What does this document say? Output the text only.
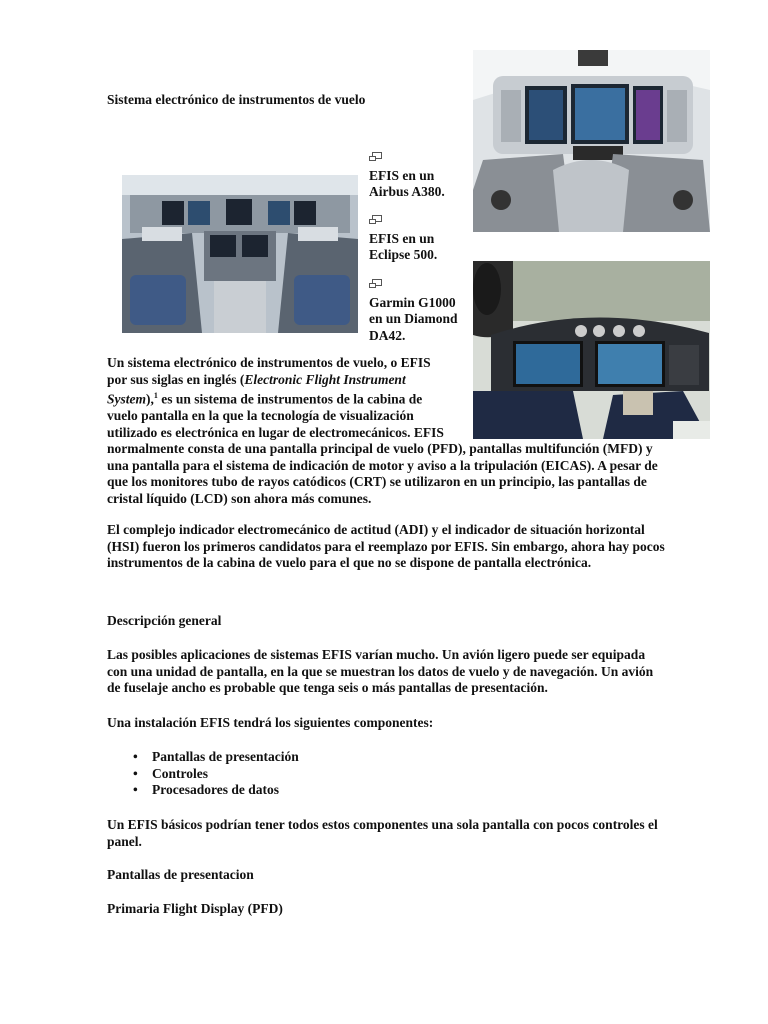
Sistema electrónico de instrumentos de vuelo

EFIS en un Airbus A380.
EFIS en un Eclipse 500.
Garmin G1000 en un Diamond DA42.
Un sistema electrónico de instrumentos de vuelo, o EFIS por sus siglas en inglés (Electronic Flight Instrument System),$^1$ es un sistema de instrumentos de la cabina de vuelo pantalla en la que la tecnología de visualización utilizado es electrónica en lugar de electromecánicos. EFIS
normalmente consta de una pantalla principal de vuelo (PFD), pantallas multifunción (MFD) y una pantalla para el sistema de indicación de motor y aviso a la tripulación (EICAS). A pesar de que los monitores tubo de rayos catódicos (CRT) se utilizaron en un principio, las pantallas de cristal líquido (LCD) son ahora más comunes.

El complejo indicador electromecánico de actitud (ADI) y el indicador de situación horizontal (HSI) fueron los primeros candidatos para el reemplazo por EFIS. Sin embargo, ahora hay pocos instrumentos de la cabina de vuelo para el que no se dispone de pantalla electrónica.

Descripción general

Las posibles aplicaciones de sistemas EFIS varían mucho. Un avión ligero puede ser equipada con una unidad de pantalla, en la que se muestran los datos de vuelo y de navegación. Un avión de fuselaje ancho es probable que tenga seis o más pantallas de presentación.

Una instalación EFIS tendrá los siguientes componentes:

• Pantallas de presentación
• Controles
• Procesadores de datos

Un EFIS básicos podrían tener todos estos componentes una sola pantalla con pocos controles el panel.

Pantallas de presentacion

Primaria Flight Display (PFD)
